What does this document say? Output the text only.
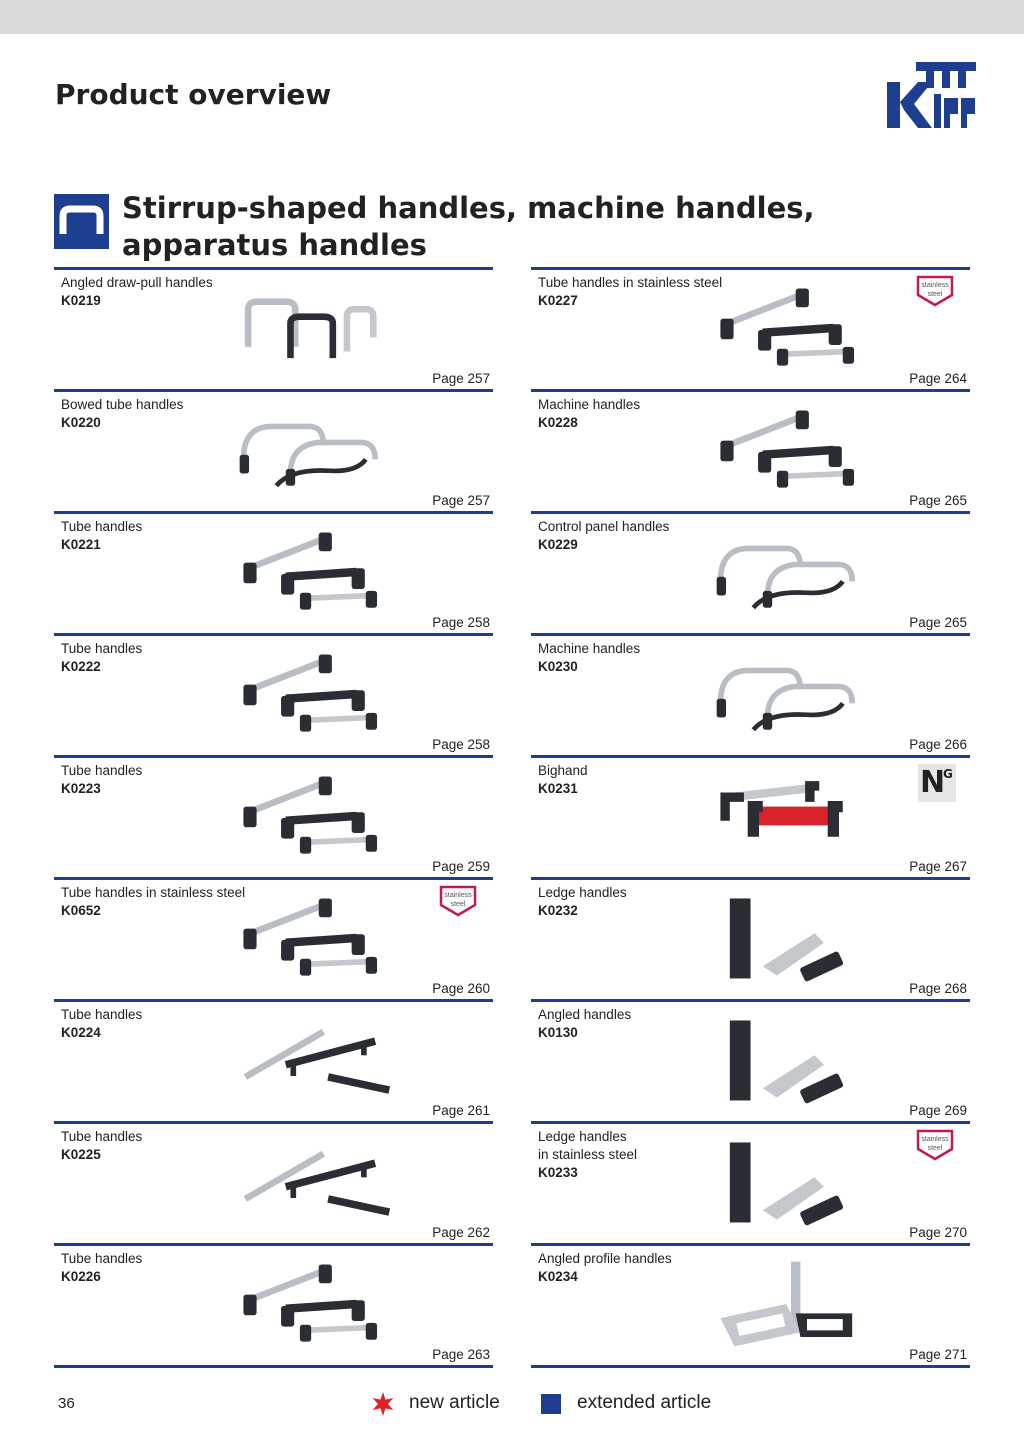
Product overview
Stirrup-shaped handles, machine handles, apparatus handles
Angled draw-pull handles
K0219
Page 257
Bowed tube handles
K0220
Page 257
Tube handles
K0221
Page 258
Tube handles
K0222
Page 258
Tube handles
K0223
Page 259
Tube handles in stainless steel
K0652
stainless
steel
Page 260
Tube handles
K0224
Page 261
Tube handles
K0225
Page 262
Tube handles
K0226
Page 263
Tube handles in stainless steel
K0227
stainless
steel
Page 264
Machine handles
K0228
Page 265
Control panel handles
K0229
Page 265
Machine handles
K0230
Page 266
Bighand
K0231	N
G
Page 267
Ledge handles
K0232
Page 268
Angled handles
K0130
Page 269
Ledge handles
in stainless steel
K0233
stainless
steel
Page 270
Angled profile handles
K0234
Page 271
36	new article	extended article
